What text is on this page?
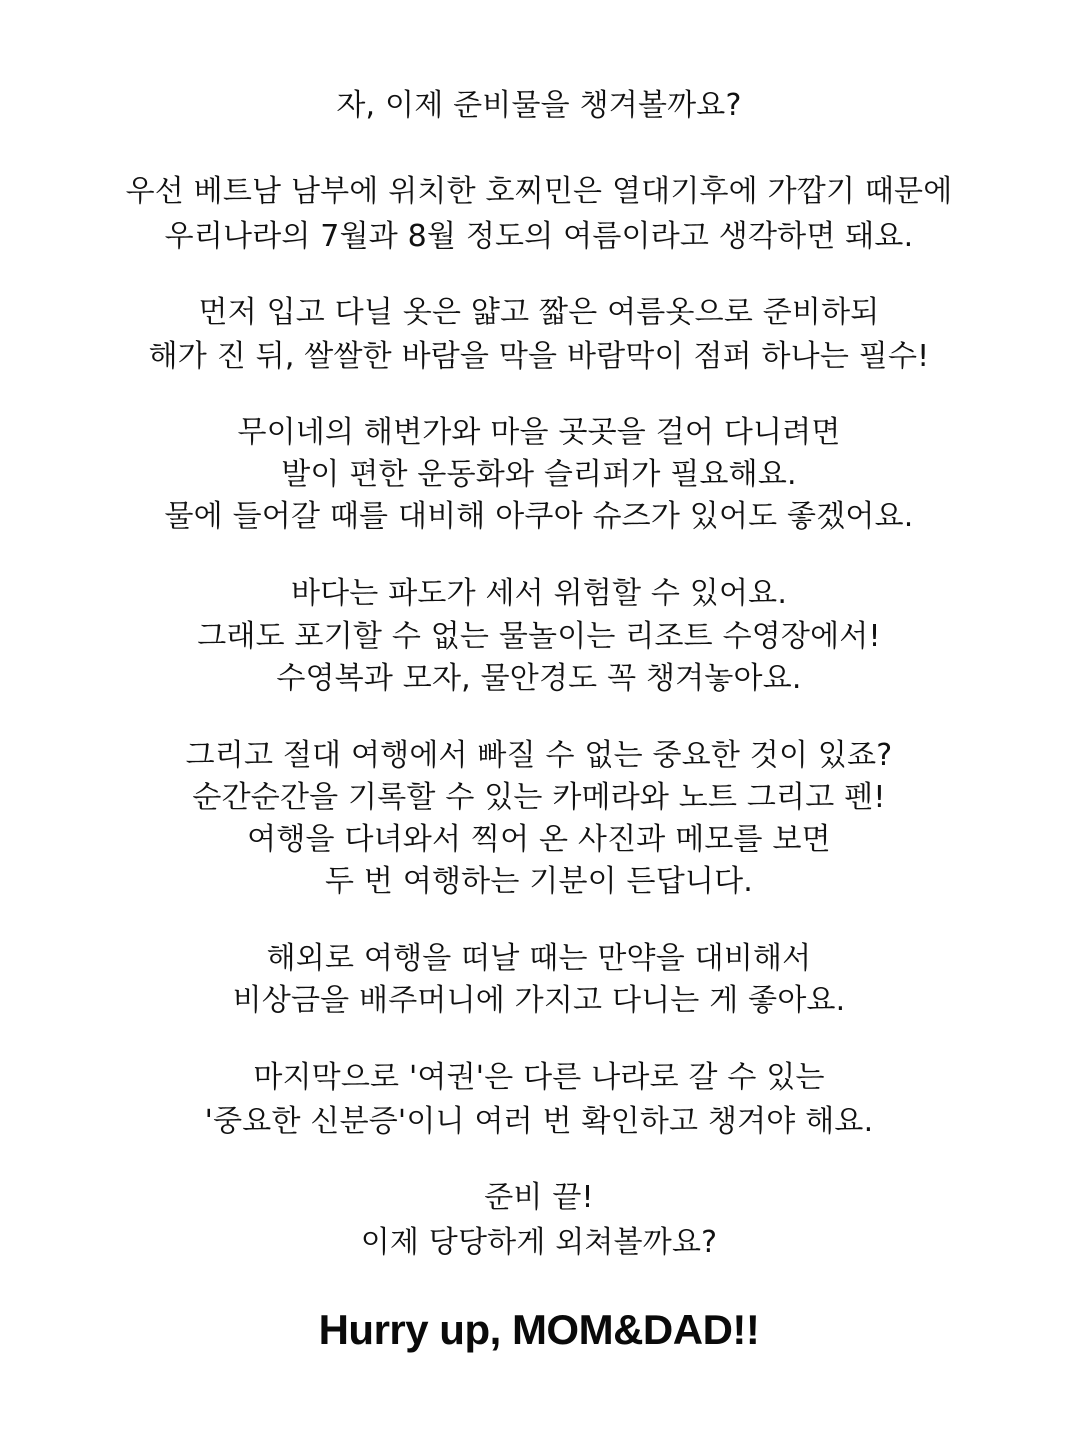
자, 이제 준비물을 챙겨볼까요?
우선 베트남 남부에 위치한 호찌민은 열대기후에 가깝기 때문에
우리나라의 7월과 8월 정도의 여름이라고 생각하면 돼요.
먼저 입고 다닐 옷은 얇고 짧은 여름옷으로 준비하되
해가 진 뒤, 쌀쌀한 바람을 막을 바람막이 점퍼 하나는 필수!
무이네의 해변가와 마을 곳곳을 걸어 다니려면
발이 편한 운동화와 슬리퍼가 필요해요.
물에 들어갈 때를 대비해 아쿠아 슈즈가 있어도 좋겠어요.
바다는 파도가 세서 위험할 수 있어요.
그래도 포기할 수 없는 물놀이는 리조트 수영장에서!
수영복과 모자, 물안경도 꼭 챙겨놓아요.
그리고 절대 여행에서 빠질 수 없는 중요한 것이 있죠?
순간순간을 기록할 수 있는 카메라와 노트 그리고 펜!
여행을 다녀와서 찍어 온 사진과 메모를 보면
두 번 여행하는 기분이 든답니다.
해외로 여행을 떠날 때는 만약을 대비해서
비상금을 배주머니에 가지고 다니는 게 좋아요.
마지막으로 '여권'은 다른 나라로 갈 수 있는
'중요한 신분증'이니 여러 번 확인하고 챙겨야 해요.
준비 끝!
이제 당당하게 외쳐볼까요?
Hurry up, MOM&DAD!!
